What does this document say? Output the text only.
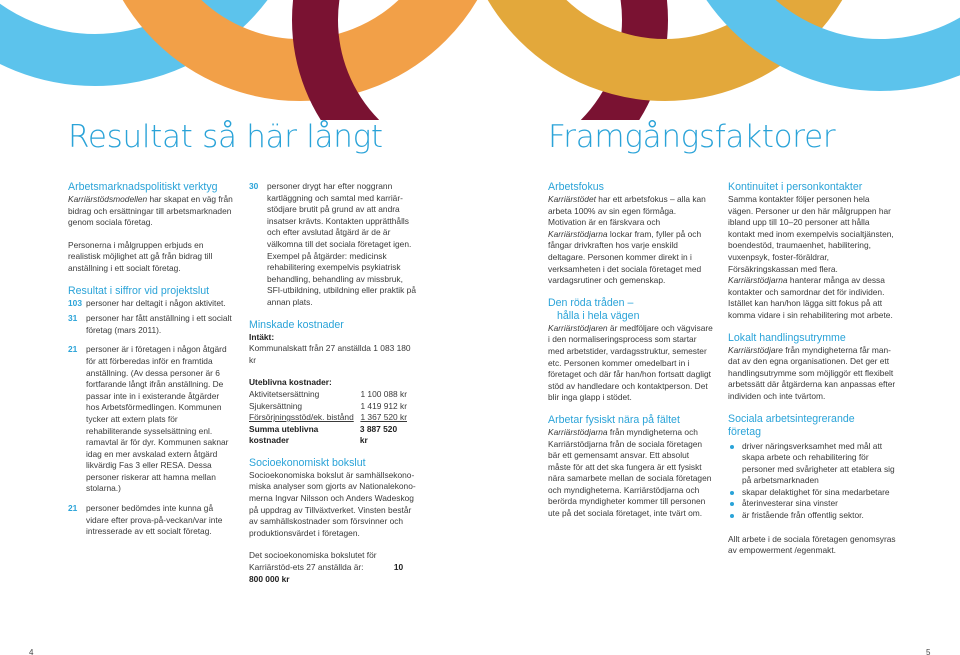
Resultat så här långt	Framgångsfaktorer
Arbetsmarknadspolitiskt verktyg
Karriärstödsmodellen har skapat en väg från bidrag och ersättningar till arbetsmarknaden genom sociala företag.
Personerna i målgruppen erbjuds en realistisk möjlighet att gå från bidrag till anställning i ett socialt företag.
Resultat i siffror vid projektslut
103 personer har deltagit i någon aktivitet.
31 personer har fått anställning i ett socialt företag (mars 2011).
21 personer är i företagen i någon åtgärd för att förberedas inför en framtida anställning. (Av dessa personer är 6 fortfarande långt ifrån anställning. De passar inte in i existerande åtgärder hos Arbetsförmedlingen. Kommunen tycker att extern plats för rehabiliterande sysselsättning enl. ramavtal är för dyr. Kommunen saknar idag en mer avskalad extern åtgärd likvärdig Fas 3 eller RESA. Dessa personer riskerar att hamna mellan stolarna.)
21 personer bedömdes inte kunna gå vidare efter prova-på-veckan/var inte intresserade av ett socialt företag.
30 personer drygt har efter noggrann kartläggning och samtal med karriär-stödjare brutit på grund av att andra insatser krävts. Kontakten upprätthålls och efter avslutad åtgärd är de är välkomna till det sociala företaget igen. Exempel på åtgärder: medicinsk rehabilitering exempelvis psykiatrisk behandling, behandling av missbruk, SFI-utbildning, utbildning eller praktik på annan plats.
Minskade kostnader
Intäkt:
Kommunalskatt från 27 anställda 1 083 180 kr
Uteblivna kostnader:
Aktivitetsersättning	1 100 088 kr
Sjukersättning	1 419 912 kr
Försörjningsstöd/ek. bistånd 1 367 520 kr
Summa uteblivna kostnader
3 887 520 kr
Socioekonomiskt bokslut
Socioekonomiska bokslut är samhällsekono-miska analyser som gjorts av Nationalekono-merna Ingvar Nilsson och Anders Wadeskog på uppdrag av Tillväxtverket. Vinsten består av samhällskostnader som försvinner och produktionsvärdet i företagen.
Det socioekonomiska bokslutet för Karriärstöd-ets 27 anställda är:	10 800 000 kr
Arbetsfokus
Karriärstödet har ett arbetsfokus – alla kan arbeta 100% av sin egen förmåga. Motivation är en färskvara och Karriärstödjarna lockar fram, fyller på och fångar drivkraften hos varje enskild deltagare. Personen kommer direkt in i verksamheten i det sociala företaget med vardagsrutiner och gemenskap.
Den röda tråden –
hålla i hela vägen
Karriärstödjaren är medföljare och vägvisare i den normaliseringsprocess som startar med arbetstider, vardagsstruktur, semester etc. Personen kommer omedelbart in i företaget och där får han/hon fortsatt dagligt stöd av handledare och kontaktperson. Det blir inga glapp i stödet.
Arbetar fysiskt nära på fältet
Karriärstödjarna från myndigheterna och Karriärstödjarna från de sociala företagen bär ett gemensamt ansvar. Ett absolut måste för att det ska fungera är ett fysiskt nära samarbete mellan de sociala företagen och myndigheterna. Karriärstödjarna och berörda myndigheter kommer till personen ute på det sociala företaget, inte tvärt om.
Kontinuitet i personkontakter
Samma kontakter följer personen hela vägen. Personer ur den här målgruppen har ibland upp till 10–20 personer att hålla kontakt med inom exempelvis socialtjänsten, boendestöd, traumaenhet, habilitering, vuxenpsyk, foster-föräldrar, Försäkringskassan med flera. Karriärstödjarna hanterar många av dessa kontakter och samordnar det för individen. Istället kan han/hon lägga sitt fokus på att komma vidare i sin rehabilitering mot arbete.
Lokalt handlingsutrymme
Karriärstödjare från myndigheterna får man-dat av den egna organisationen. Det ger ett handlingsutrymme som möjliggör ett flexibelt arbetssätt där åtgärderna kan anpassas efter individen och inte tvärtom.
Sociala arbetsintegrerande
företag
driver näringsverksamhet med mål att skapa arbete och rehabilitering för personer med svårigheter att etablera sig på arbetsmarknaden
skapar delaktighet för sina medarbetare
återinvesterar sina vinster
är fristående från offentlig sektor.
Allt arbete i de sociala företagen genomsyras av empowerment /egenmakt.
4	5
